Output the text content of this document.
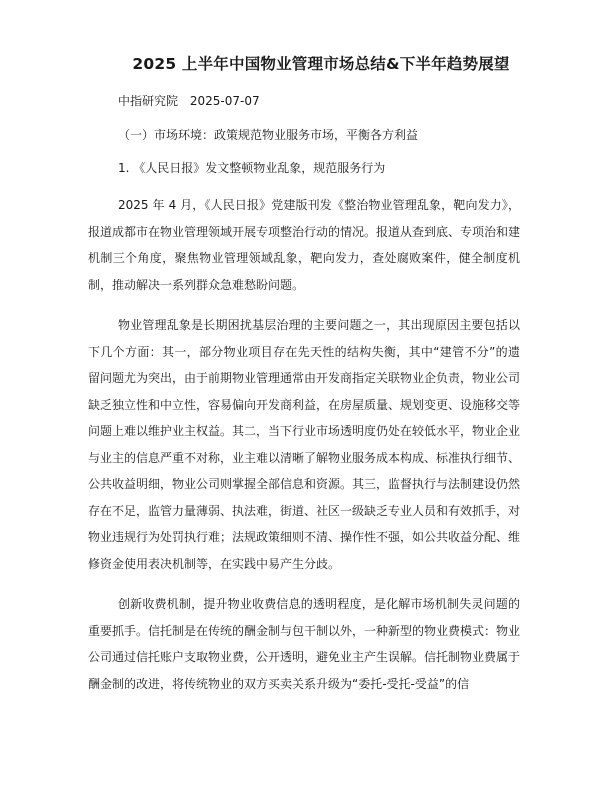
2025 上半年中国物业管理市场总结&下半年趋势展望
中指研究院 2025-07-07
（一）市场环境：政策规范物业服务市场，平衡各方利益
1. 《人民日报》发文整顿物业乱象，规范服务行为

2025 年 4 月，《人民日报》党建版刊发《整治物业管理乱象，靶向发力》，报道成都市在物业管理领域开展专项整治行动的情况。报道从查到底、专项治和建机制三个角度，聚焦物业管理领域乱象，靶向发力，查处腐败案件，健全制度机制，推动解决一系列群众急难愁盼问题。

物业管理乱象是长期困扰基层治理的主要问题之一，其出现原因主要包括以下几个方面：其一，部分物业项目存在先天性的结构失衡，其中“建管不分”的遗留问题尤为突出，由于前期物业管理通常由开发商指定关联物业企负责，物业公司缺乏独立性和中立性，容易偏向开发商利益，在房屋质量、规划变更、设施移交等问题上难以维护业主权益。其二，当下行业市场透明度仍处在较低水平，物业企业与业主的信息严重不对称，业主难以清晰了解物业服务成本构成、标准执行细节、公共收益明细，物业公司则掌握全部信息和资源。其三，监督执行与法制建设仍然存在不足，监管力量薄弱、执法难，街道、社区一级缺乏专业人员和有效抓手，对物业违规行为处罚执行难；法规政策细则不清、操作性不强，如公共收益分配、维修资金使用表决机制等，在实践中易产生分歧。

创新收费机制，提升物业收费信息的透明程度，是化解市场机制失灵问题的重要抓手。信托制是在传统的酬金制与包干制以外，一种新型的物业费模式：物业公司通过信托账户支取物业费，公开透明，避免业主产生误解。信托制物业费属于酬金制的改进，将传统物业的双方买卖关系升级为“委托-受托-受益”的信
